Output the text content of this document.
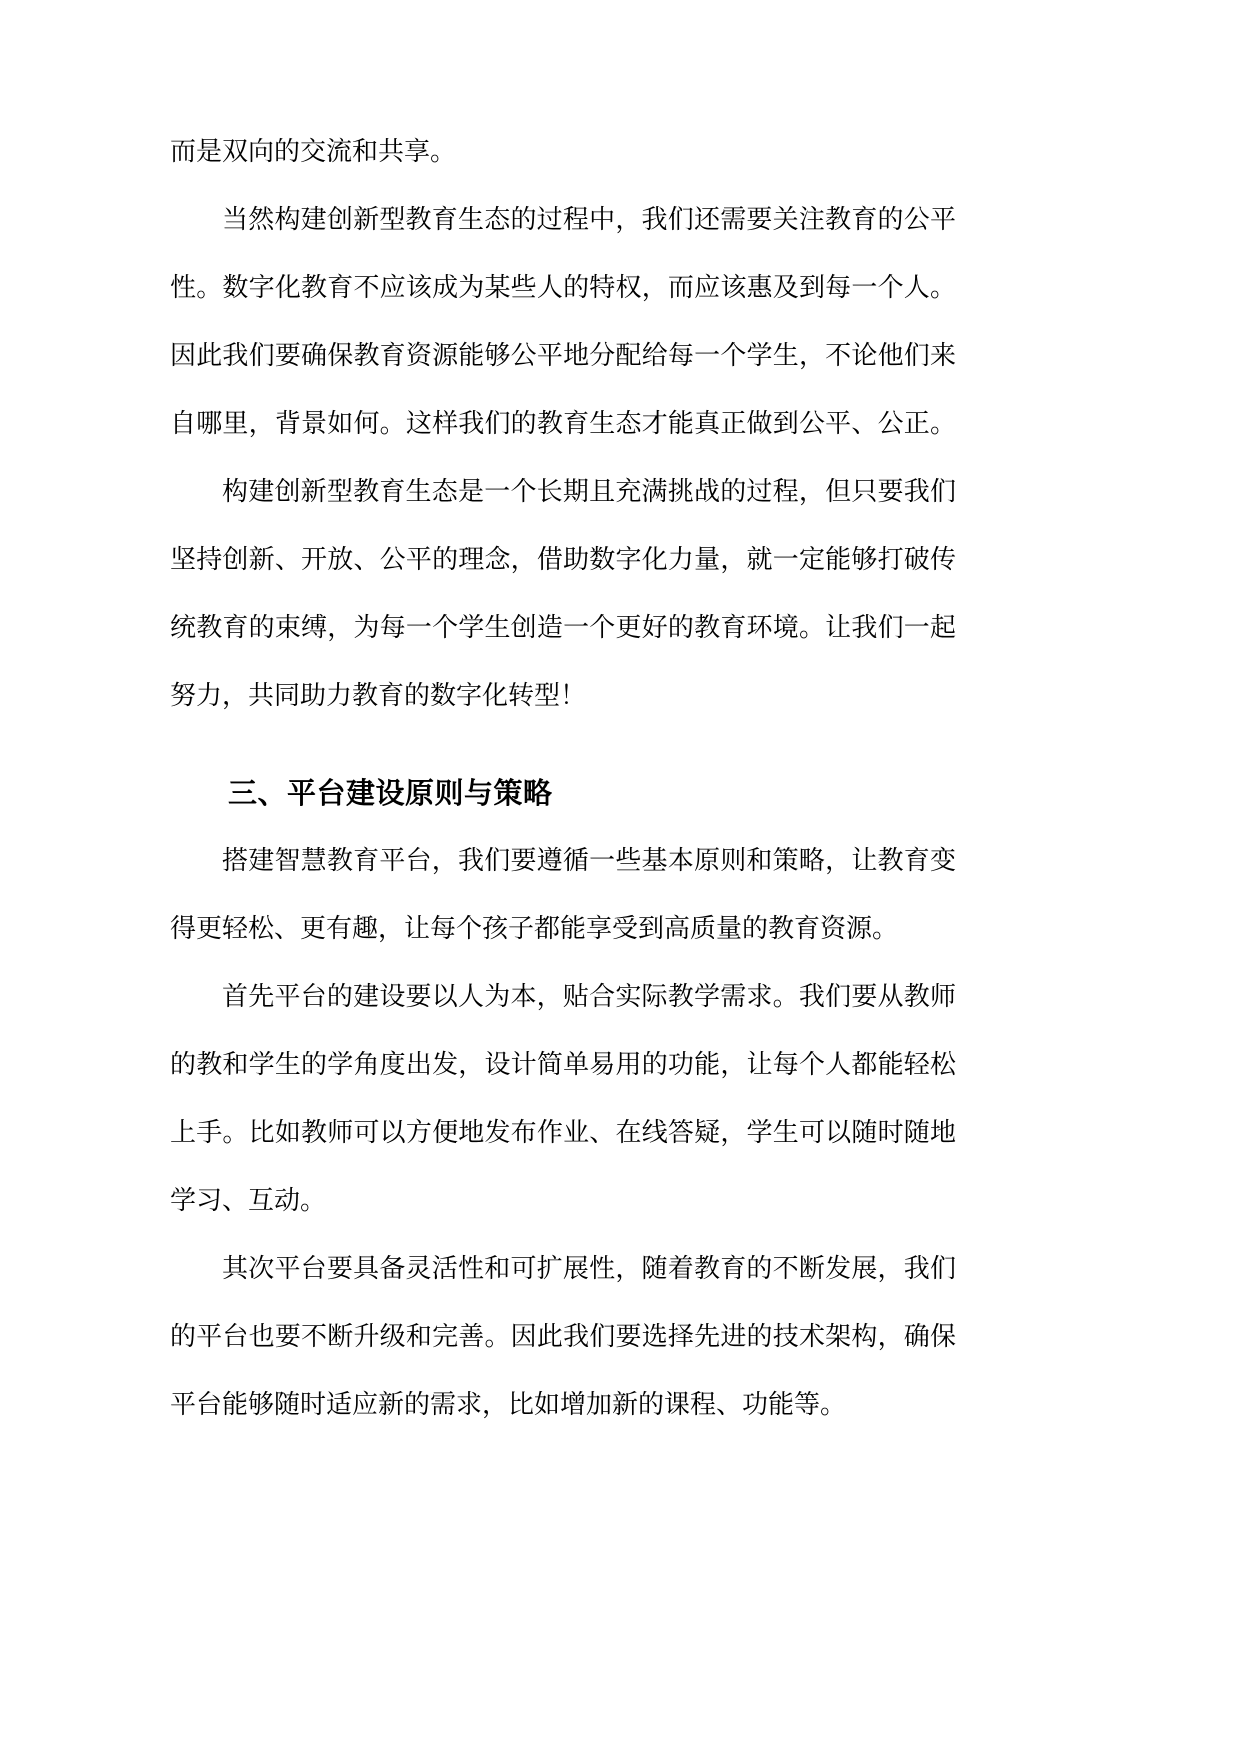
而是双向的交流和共享。
当然构建创新型教育生态的过程中，我们还需要关注教育的公平
性。数字化教育不应该成为某些人的特权，而应该惠及到每一个人。
因此我们要确保教育资源能够公平地分配给每一个学生，不论他们来
自哪里，背景如何。这样我们的教育生态才能真正做到公平、公正。
构建创新型教育生态是一个长期且充满挑战的过程，但只要我们
坚持创新、开放、公平的理念，借助数字化力量，就一定能够打破传
统教育的束缚，为每一个学生创造一个更好的教育环境。让我们一起
努力，共同助力教育的数字化转型！
三、平台建设原则与策略
搭建智慧教育平台，我们要遵循一些基本原则和策略，让教育变
得更轻松、更有趣，让每个孩子都能享受到高质量的教育资源。
首先平台的建设要以人为本，贴合实际教学需求。我们要从教师
的教和学生的学角度出发，设计简单易用的功能，让每个人都能轻松
上手。比如教师可以方便地发布作业、在线答疑，学生可以随时随地
学习、互动。
其次平台要具备灵活性和可扩展性，随着教育的不断发展，我们
的平台也要不断升级和完善。因此我们要选择先进的技术架构，确保
平台能够随时适应新的需求，比如增加新的课程、功能等。
